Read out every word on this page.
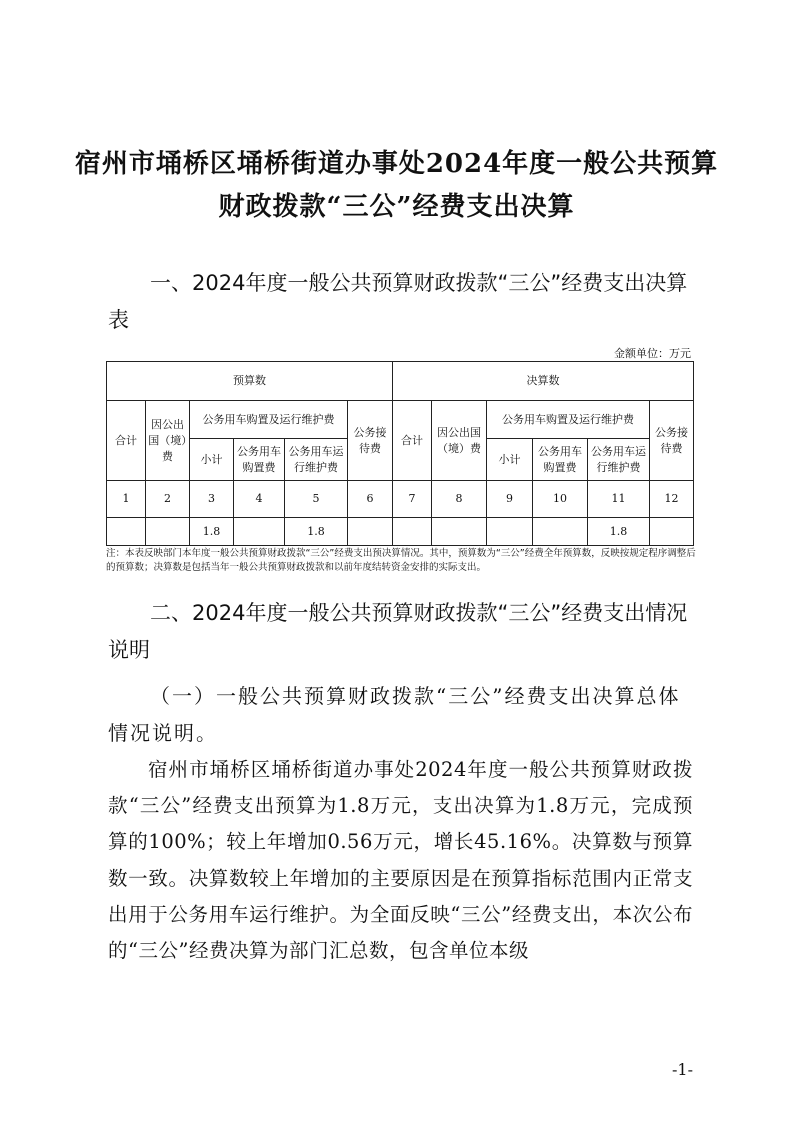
宿州市埇桥区埇桥街道办事处2024年度一般公共预算
财政拨款“三公”经费支出决算
一、2024年度一般公共预算财政拨款“三公”经费支出决算表
金额单位：万元
预算数						决算数					
合计	因公出国（境）费	公务用车购置及运行维护费			公务接待费	合计	因公出国（境）费	公务用车购置及运行维护费			公务接待费
		小计	公务用车购置费	公务用车运行维护费				小计	公务用车购置费	公务用车运行维护费	
1	2	3	4	5	6	7	8	9	10	11	12
		1.8		1.8						1.8	
注：本表反映部门本年度一般公共预算财政拨款“三公”经费支出预决算情况。其中，预算数为“三公”经费全年预算数，反映按规定程序调整后的预算数；决算数是包括当年一般公共预算财政拨款和以前年度结转资金安排的实际支出。
二、2024年度一般公共预算财政拨款“三公”经费支出情况说明
（一）一般公共预算财政拨款“三公”经费支出决算总体情况说明。
宿州市埇桥区埇桥街道办事处2024年度一般公共预算财政拨款“三公”经费支出预算为1.8万元，支出决算为1.8万元，完成预算的100%；较上年增加0.56万元，增长45.16%。决算数与预算数一致。决算数较上年增加的主要原因是在预算指标范围内正常支出用于公务用车运行维护。为全面反映“三公”经费支出，本次公布的“三公”经费决算为部门汇总数，包含单位本级
-1-
